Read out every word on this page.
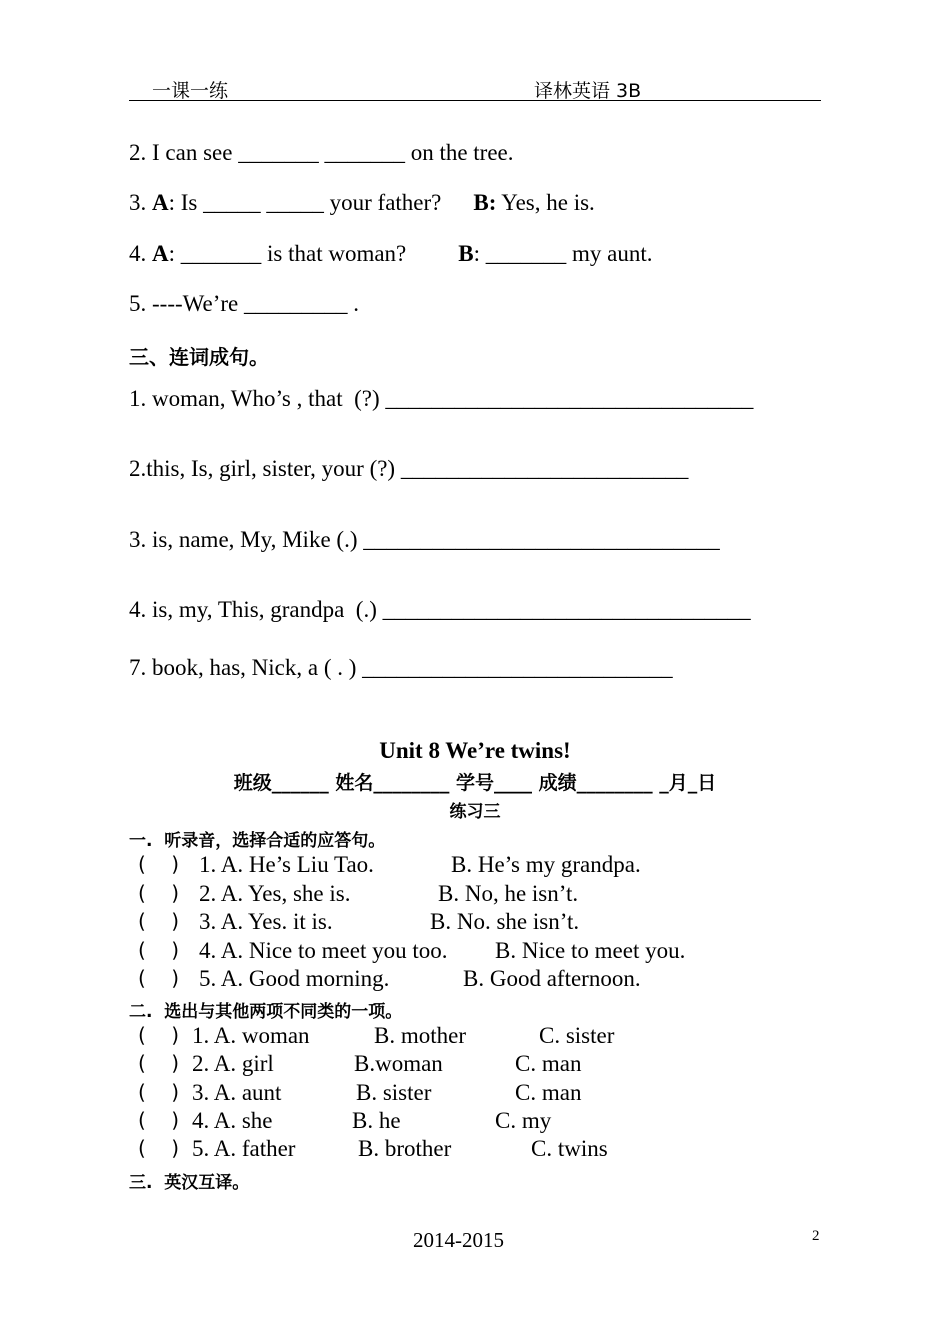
一课一练	译林英语 3B
2. I can see _______ _______ on the tree.
3. A: Is _____ _____ your father? B: Yes, he is.
4. A: _______ is that woman? B: _______ my aunt.
5. ----We’re _________ .
三、连词成句。
1. woman, Who’s , that  (?) ________________________________
2.this, Is, girl, sister, your (?) _________________________
3. is, name, My, Mike (.) _______________________________
4. is, my, This, grandpa  (.) ________________________________
7. book, has, Nick, a ( . ) ___________________________
Unit 8 We’re twins!
班级______ 姓名________ 学号____ 成绩________ _月_日
练习三
一.  听录音，选择合适的应答句。
(    ) 1. A. He’s Liu Tao.	B. He’s my grandpa.
(    ) 2. A. Yes, she is.	B. No, he isn’t.
(    ) 3. A. Yes. it is.	B. No. she isn’t.
(    ) 4. A. Nice to meet you too. B. Nice to meet you.
(    ) 5. A. Good morning.	B. Good afternoon.
二.  选出与其他两项不同类的一项。
(    ) 1. A. woman	B. mother	C. sister
(    ) 2. A. girl	B.woman	C. man
(    ) 3. A. aunt	B. sister	C. man
(    ) 4. A. she	B. he	C. my
(    ) 5. A. father	B. brother	C. twins
三.  英汉互译。
2014-2015	2
